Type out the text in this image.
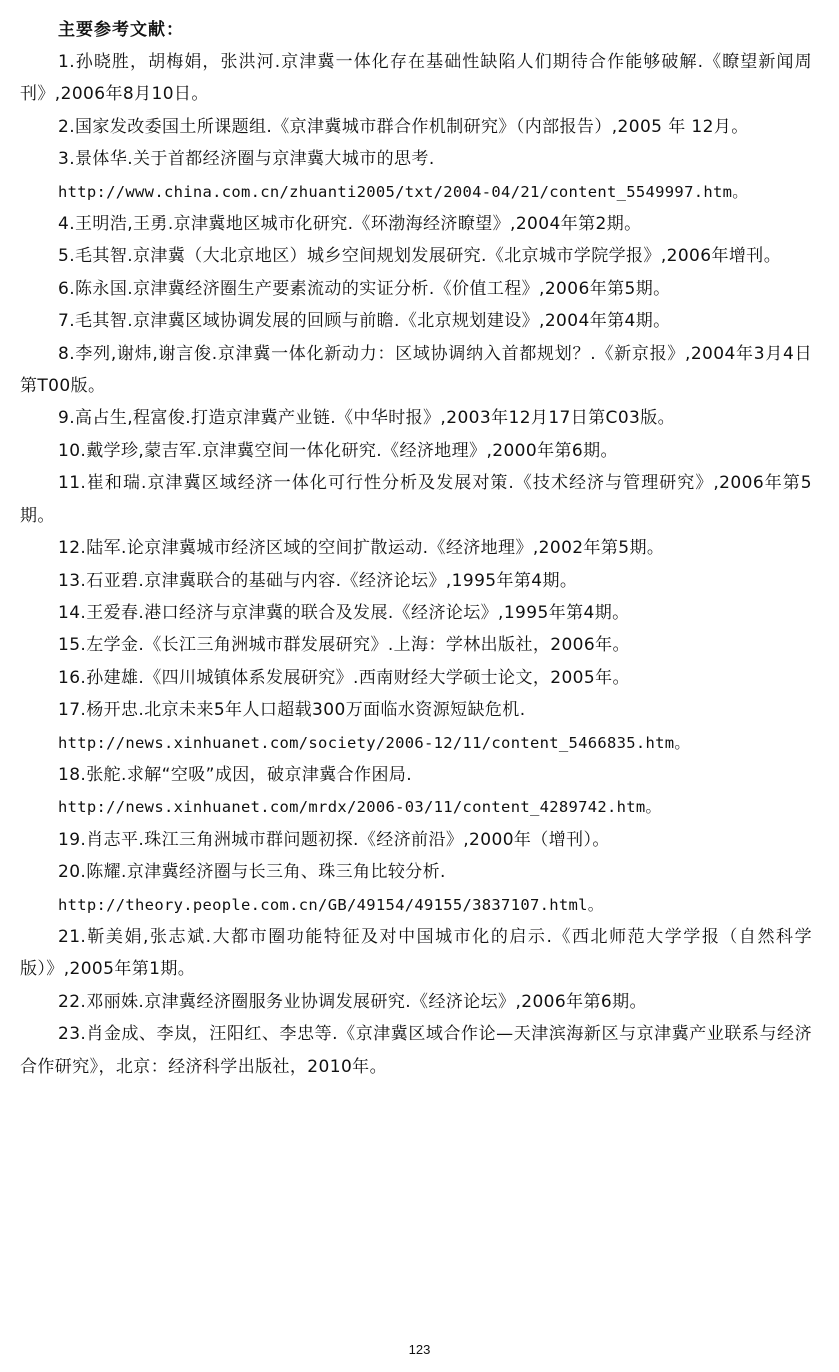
主要参考文献：

1.孙晓胜，胡梅娟，张洪河.京津冀一体化存在基础性缺陷人们期待合作能够破解.《瞭望新闻周刊》,2006年8月10日。
2.国家发改委国土所课题组.《京津冀城市群合作机制研究》（内部报告）,2005 年 12月。
3.景体华.关于首都经济圈与京津冀大城市的思考.
http://www.china.com.cn/zhuanti2005/txt/2004-04/21/content_5549997.htm。
4.王明浩,王勇.京津冀地区城市化研究.《环渤海经济瞭望》,2004年第2期。
5.毛其智.京津冀（大北京地区）城乡空间规划发展研究.《北京城市学院学报》,2006年增刊。
6.陈永国.京津冀经济圈生产要素流动的实证分析.《价值工程》,2006年第5期。
7.毛其智.京津冀区域协调发展的回顾与前瞻.《北京规划建设》,2004年第4期。
8.李列,谢炜,谢言俊.京津冀一体化新动力：区域协调纳入首都规划？.《新京报》,2004年3月4日第T00版。
9.高占生,程富俊.打造京津冀产业链.《中华时报》,2003年12月17日第C03版。
10.戴学珍,蒙吉军.京津冀空间一体化研究.《经济地理》,2000年第6期。
11.崔和瑞.京津冀区域经济一体化可行性分析及发展对策.《技术经济与管理研究》,2006年第5期。
12.陆军.论京津冀城市经济区域的空间扩散运动.《经济地理》,2002年第5期。
13.石亚碧.京津冀联合的基础与内容.《经济论坛》,1995年第4期。
14.王爱春.港口经济与京津冀的联合及发展.《经济论坛》,1995年第4期。
15.左学金.《长江三角洲城市群发展研究》.上海：学林出版社，2006年。
16.孙建雄.《四川城镇体系发展研究》.西南财经大学硕士论文，2005年。
17.杨开忠.北京未来5年人口超载300万面临水资源短缺危机.
http://news.xinhuanet.com/society/2006-12/11/content_5466835.htm。
18.张舵.求解“空吸”成因，破京津冀合作困局.
http://news.xinhuanet.com/mrdx/2006-03/11/content_4289742.htm。
19.肖志平.珠江三角洲城市群问题初探.《经济前沿》,2000年（增刊）。
20.陈耀.京津冀经济圈与长三角、珠三角比较分析.
http://theory.people.com.cn/GB/49154/49155/3837107.html。
21.靳美娟,张志斌.大都市圈功能特征及对中国城市化的启示.《西北师范大学学报（自然科学版）》,2005年第1期。
22.邓丽姝.京津冀经济圈服务业协调发展研究.《经济论坛》,2006年第6期。
23.肖金成、李岚，汪阳红、李忠等.《京津冀区域合作论—天津滨海新区与京津冀产业联系与经济合作研究》，北京：经济科学出版社，2010年。
123
